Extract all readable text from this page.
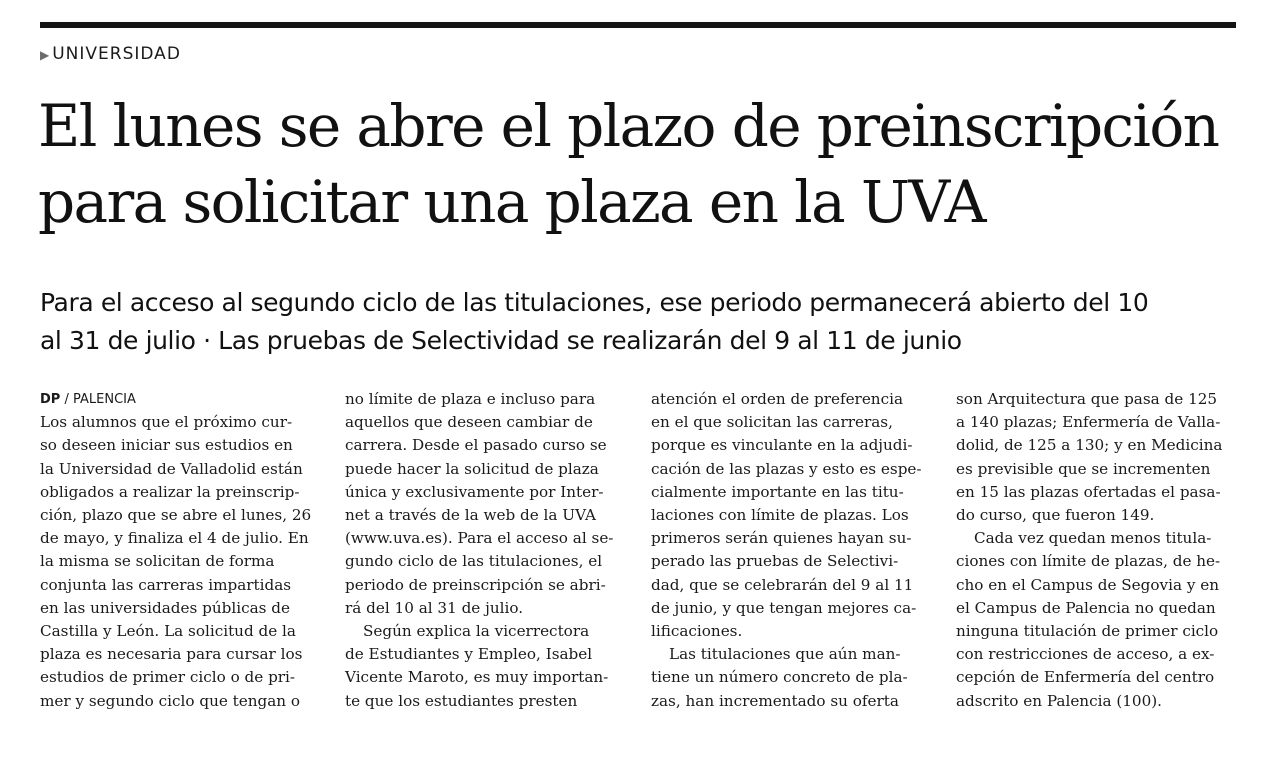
▶ UNIVERSIDAD
El lunes se abre el plazo de preinscripción
para solicitar una plaza en la UVA

Para el acceso al segundo ciclo de las titulaciones, ese periodo permanecerá abierto del 10
al 31 de julio · Las pruebas de Selectividad se realizarán del 9 al 11 de junio

DP / PALENCIA
Los alumnos que el próximo cur-
so deseen iniciar sus estudios en
la Universidad de Valladolid están
obligados a realizar la preinscrip-
ción, plazo que se abre el lunes, 26
de mayo, y finaliza el 4 de julio. En
la misma se solicitan de forma
conjunta las carreras impartidas
en las universidades públicas de
Castilla y León. La solicitud de la
plaza es necesaria para cursar los
estudios de primer ciclo o de pri-
mer y segundo ciclo que tengan o
no límite de plaza e incluso para
aquellos que deseen cambiar de
carrera. Desde el pasado curso se
puede hacer la solicitud de plaza
única y exclusivamente por Inter-
net a través de la web de la UVA
(www.uva.es). Para el acceso al se-
gundo ciclo de las titulaciones, el
periodo de preinscripción se abri-
rá del 10 al 31 de julio.
Según explica la vicerrectora
de Estudiantes y Empleo, Isabel
Vicente Maroto, es muy importan-
te que los estudiantes presten
atención el orden de preferencia
en el que solicitan las carreras,
porque es vinculante en la adjudi-
cación de las plazas y esto es espe-
cialmente importante en las titu-
laciones con límite de plazas. Los
primeros serán quienes hayan su-
perado las pruebas de Selectivi-
dad, que se celebrarán del 9 al 11
de junio, y que tengan mejores ca-
lificaciones.
Las titulaciones que aún man-
tiene un número concreto de pla-
zas, han incrementado su oferta
son Arquitectura que pasa de 125
a 140 plazas; Enfermería de Valla-
dolid, de 125 a 130; y en Medicina
es previsible que se incrementen
en 15 las plazas ofertadas el pasa-
do curso, que fueron 149.
Cada vez quedan menos titula-
ciones con límite de plazas, de he-
cho en el Campus de Segovia y en
el Campus de Palencia no quedan
ninguna titulación de primer ciclo
con restricciones de acceso, a ex-
cepción de Enfermería del centro
adscrito en Palencia (100).
